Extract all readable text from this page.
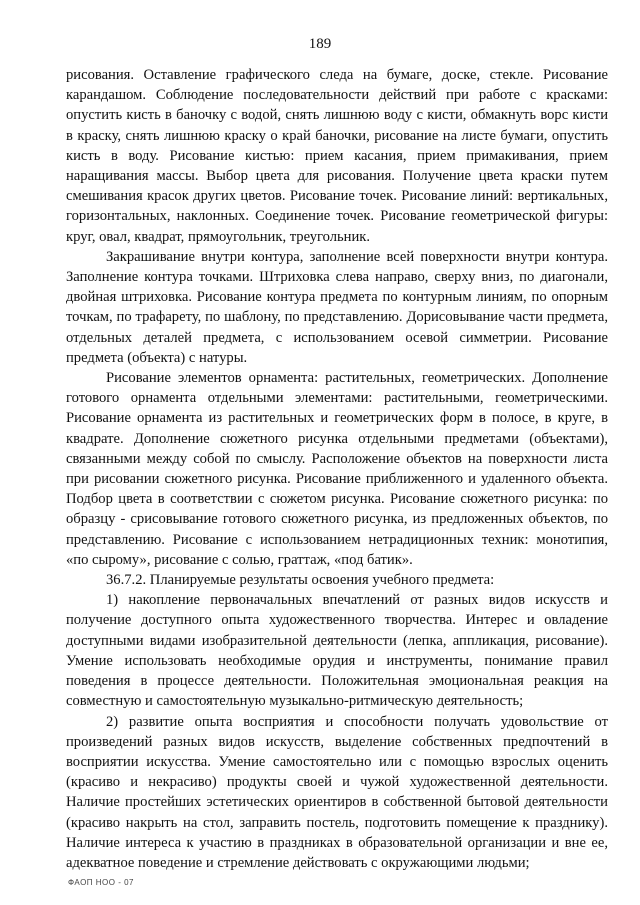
189

рисования. Оставление графического следа на бумаге, доске, стекле. Рисование карандашом. Соблюдение последовательности действий при работе с красками: опустить кисть в баночку с водой, снять лишнюю воду с кисти, обмакнуть ворс кисти в краску, снять лишнюю краску о край баночки, рисование на листе бумаги, опустить кисть в воду. Рисование кистью: прием касания, прием примакивания, прием наращивания массы. Выбор цвета для рисования. Получение цвета краски путем смешивания красок других цветов. Рисование точек. Рисование линий: вертикальных, горизонтальных, наклонных. Соединение точек. Рисование геометрической фигуры: круг, овал, квадрат, прямоугольник, треугольник.

Закрашивание внутри контура, заполнение всей поверхности внутри контура. Заполнение контура точками. Штриховка слева направо, сверху вниз, по диагонали, двойная штриховка. Рисование контура предмета по контурным линиям, по опорным точкам, по трафарету, по шаблону, по представлению. Дорисовывание части предмета, отдельных деталей предмета, с использованием осевой симметрии. Рисование предмета (объекта) с натуры.

Рисование элементов орнамента: растительных, геометрических. Дополнение готового орнамента отдельными элементами: растительными, геометрическими. Рисование орнамента из растительных и геометрических форм в полосе, в круге, в квадрате. Дополнение сюжетного рисунка отдельными предметами (объектами), связанными между собой по смыслу. Расположение объектов на поверхности листа при рисовании сюжетного рисунка. Рисование приближенного и удаленного объекта. Подбор цвета в соответствии с сюжетом рисунка. Рисование сюжетного рисунка: по образцу - срисовывание готового сюжетного рисунка, из предложенных объектов, по представлению. Рисование с использованием нетрадиционных техник: монотипия, «по сырому», рисование с солью, граттаж, «под батик».

36.7.2. Планируемые результаты освоения учебного предмета:

1) накопление первоначальных впечатлений от разных видов искусств и получение доступного опыта художественного творчества. Интерес и овладение доступными видами изобразительной деятельности (лепка, аппликация, рисование). Умение использовать необходимые орудия и инструменты, понимание правил поведения в процессе деятельности. Положительная эмоциональная реакция на совместную и самостоятельную музыкально-ритмическую деятельность;

2) развитие опыта восприятия и способности получать удовольствие от произведений разных видов искусств, выделение собственных предпочтений в восприятии искусства. Умение самостоятельно или с помощью взрослых оценить (красиво и некрасиво) продукты своей и чужой художественной деятельности. Наличие простейших эстетических ориентиров в собственной бытовой деятельности (красиво накрыть на стол, заправить постель, подготовить помещение к празднику). Наличие интереса к участию в праздниках в образовательной организации и вне ее, адекватное поведение и стремление действовать с окружающими людьми;

ФАОП НОО - 07
